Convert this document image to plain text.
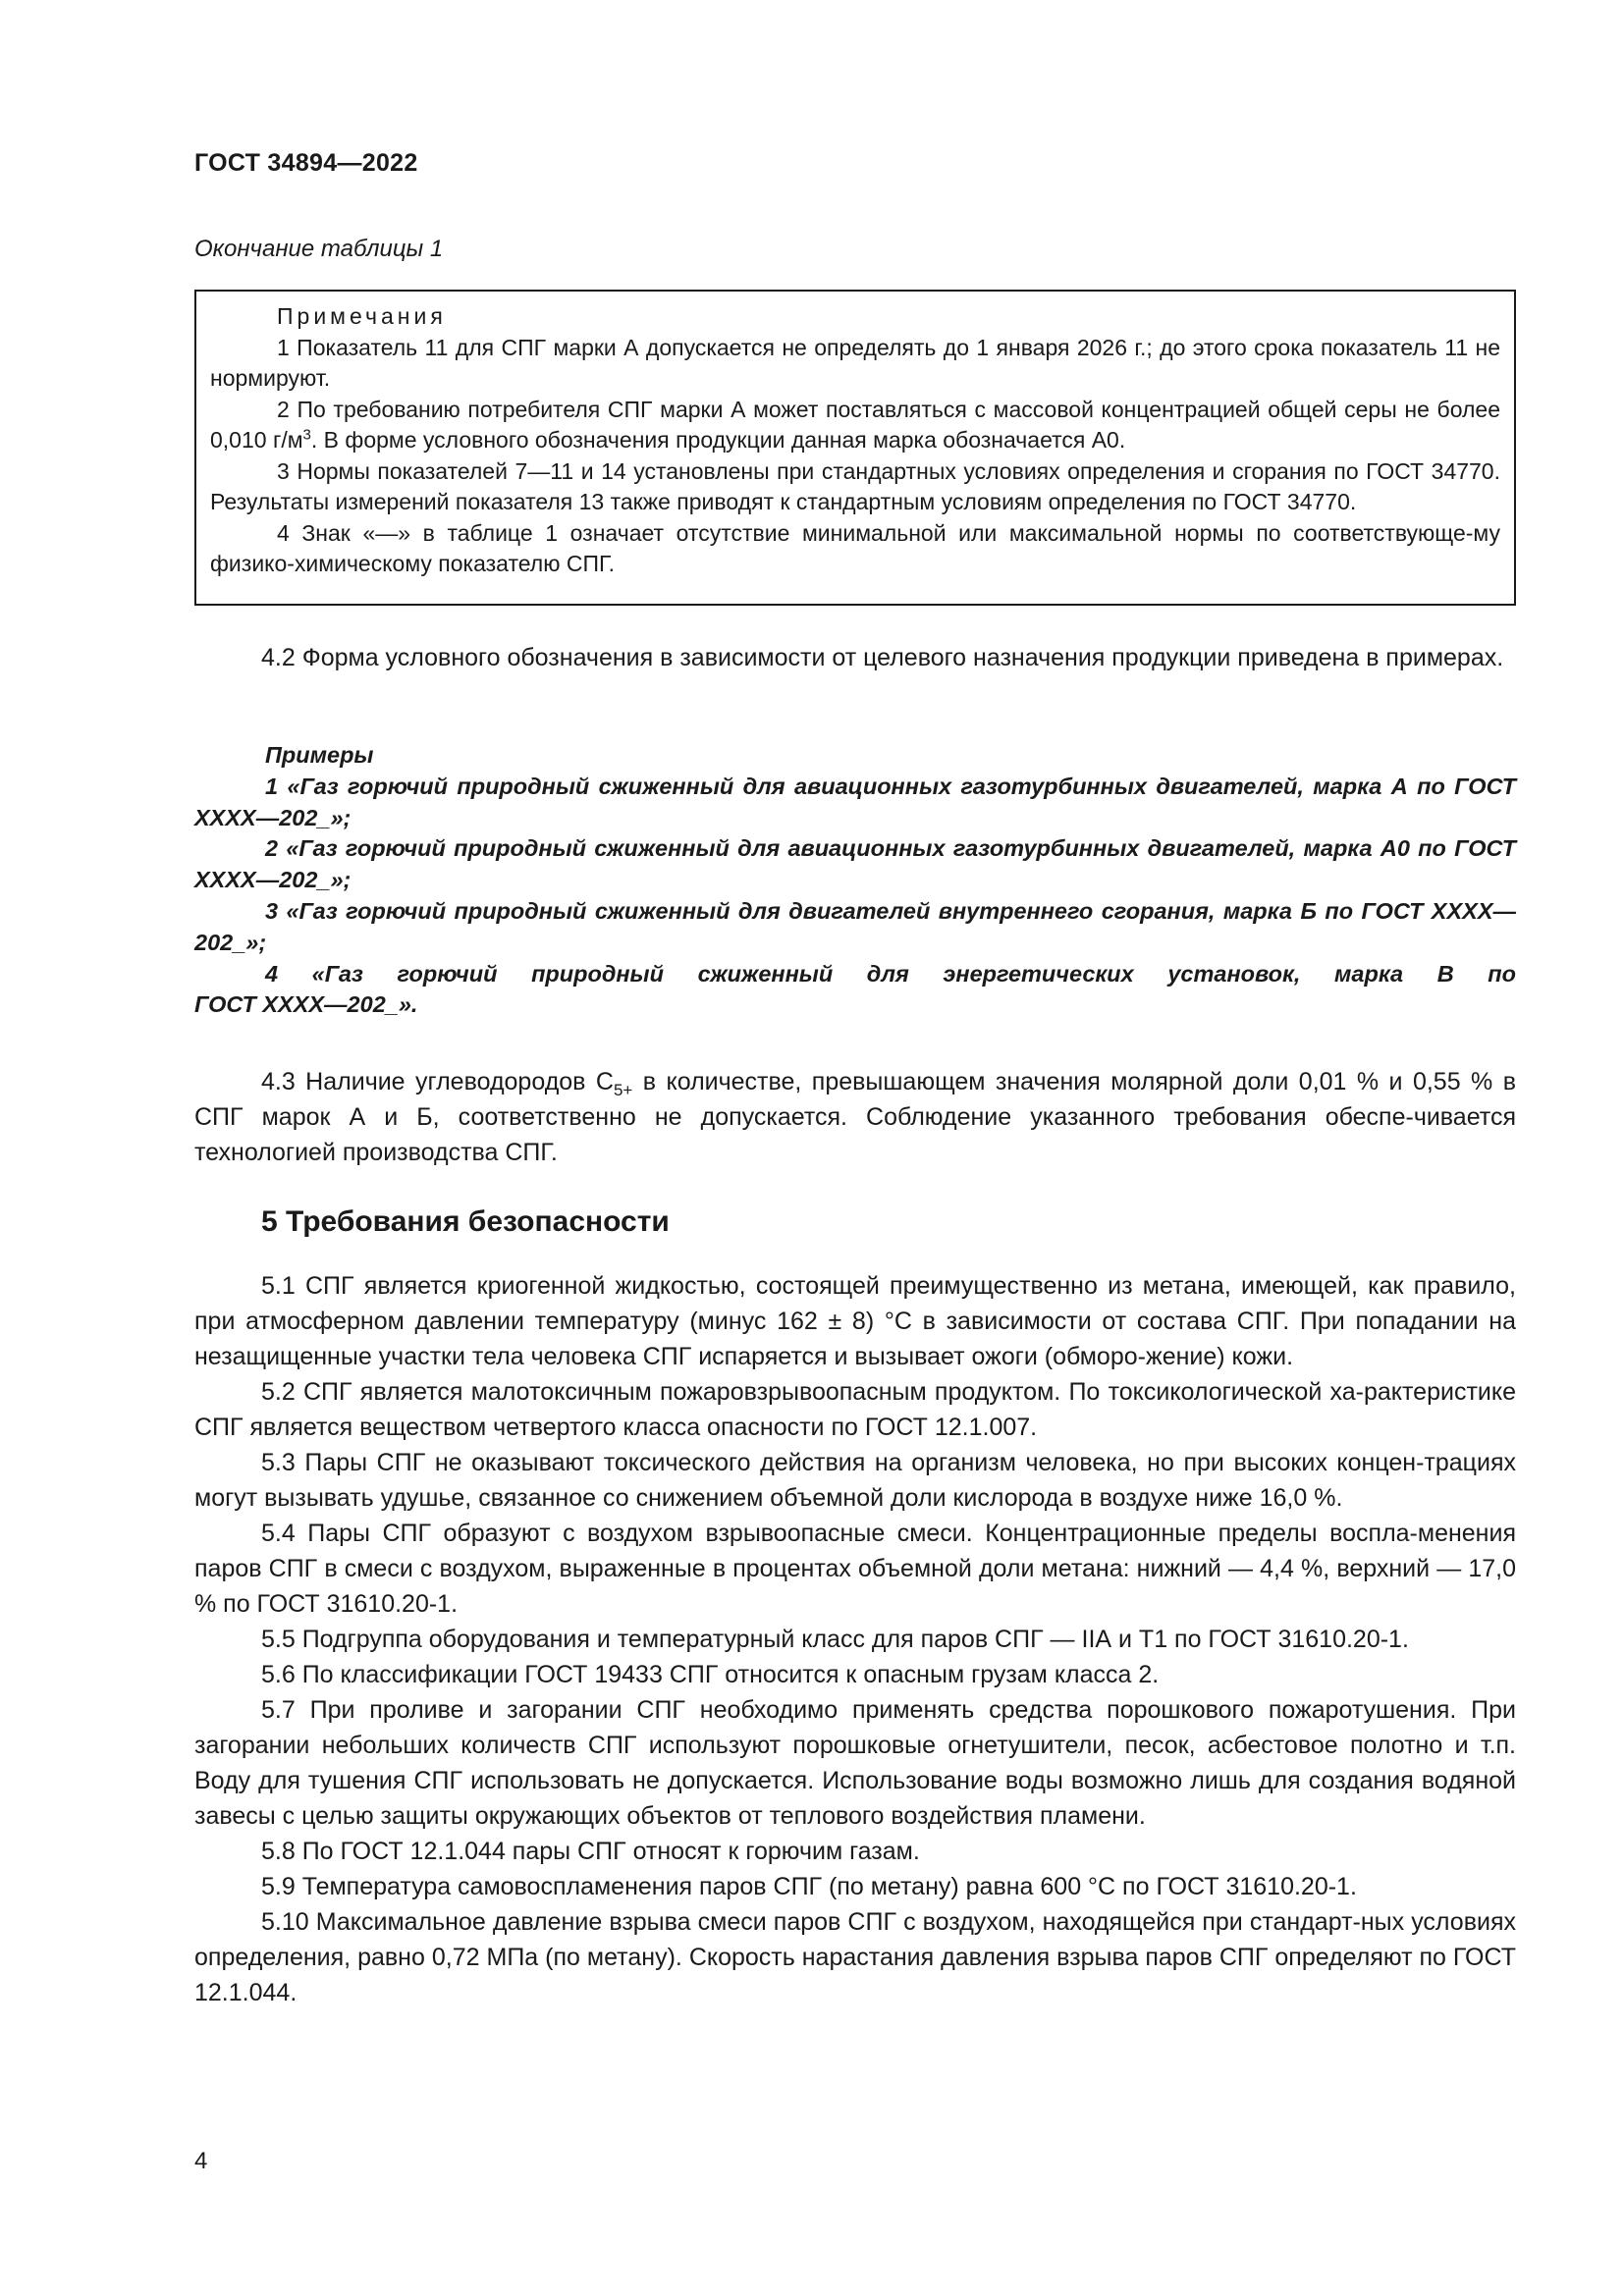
ГОСТ 34894—2022
Окончание таблицы 1

Примечания

1 Показатель 11 для СПГ марки А допускается не определять до 1 января 2026 г.; до этого срока показатель 11 не нормируют.

2 По требованию потребителя СПГ марки А может поставляться с массовой концентрацией общей серы не более 0,010 $г/м^3$. В форме условного обозначения продукции данная марка обозначается А0.

3 Нормы показателей 7—11 и 14 установлены при стандартных условиях определения и сгорания по ГОСТ 34770. Результаты измерений показателя 13 также приводят к стандартным условиям определения по ГОСТ 34770.

4 Знак «—» в таблице 1 означает отсутствие минимальной или максимальной нормы по соответствующе-му физико-химическому показателю СПГ.

4.2 Форма условного обозначения в зависимости от целевого назначения продукции приведена в примерах.

Примеры

1 «Газ горючий природный сжиженный для авиационных газотурбинных двигателей, марка А по ГОСТ ХХХХ—202_»;

2 «Газ горючий природный сжиженный для авиационных газотурбинных двигателей, марка А0 по ГОСТ ХХХХ—202_»;

3 «Газ горючий природный сжиженный для двигателей внутреннего сгорания, марка Б по ГОСТ ХХХХ—202_»;

4 «Газ горючий природный сжиженный для энергетических установок, марка В по

ГОСТ ХХХХ—202_».

4.3 Наличие углеводородов $С_{5+}$ в количестве, превышающем значения молярной доли 0,01 % и 0,55 % в СПГ марок А и Б, соответственно не допускается. Соблюдение указанного требования обеспе-чивается технологией производства СПГ.

5 Требования безопасности

5.1 СПГ является криогенной жидкостью, состоящей преимущественно из метана, имеющей, как правило, при атмосферном давлении температуру (минус 162 ± 8) °С в зависимости от состава СПГ. При попадании на незащищенные участки тела человека СПГ испаряется и вызывает ожоги (обморо-жение) кожи.

5.2 СПГ является малотоксичным пожаровзрывоопасным продуктом. По токсикологической ха-рактеристике СПГ является веществом четвертого класса опасности по ГОСТ 12.1.007.

5.3 Пары СПГ не оказывают токсического действия на организм человека, но при высоких концен-трациях могут вызывать удушье, связанное со снижением объемной доли кислорода в воздухе ниже 16,0 %.

5.4 Пары СПГ образуют с воздухом взрывоопасные смеси. Концентрационные пределы воспла-менения паров СПГ в смеси с воздухом, выраженные в процентах объемной доли метана: нижний — 4,4 %, верхний — 17,0 % по ГОСТ 31610.20-1.

5.5 Подгруппа оборудования и температурный класс для паров СПГ — IIА и Т1 по ГОСТ 31610.20-1.

5.6 По классификации ГОСТ 19433 СПГ относится к опасным грузам класса 2.

5.7 При проливе и загорании СПГ необходимо применять средства порошкового пожаротушения. При загорании небольших количеств СПГ используют порошковые огнетушители, песок, асбестовое полотно и т.п. Воду для тушения СПГ использовать не допускается. Использование воды возможно лишь для создания водяной завесы с целью защиты окружающих объектов от теплового воздействия пламени.

5.8 По ГОСТ 12.1.044 пары СПГ относят к горючим газам.

5.9 Температура самовоспламенения паров СПГ (по метану) равна 600 °С по ГОСТ 31610.20-1.

5.10 Максимальное давление взрыва смеси паров СПГ с воздухом, находящейся при стандарт-ных условиях определения, равно 0,72 МПа (по метану). Скорость нарастания давления взрыва паров СПГ определяют по ГОСТ 12.1.044.

4
